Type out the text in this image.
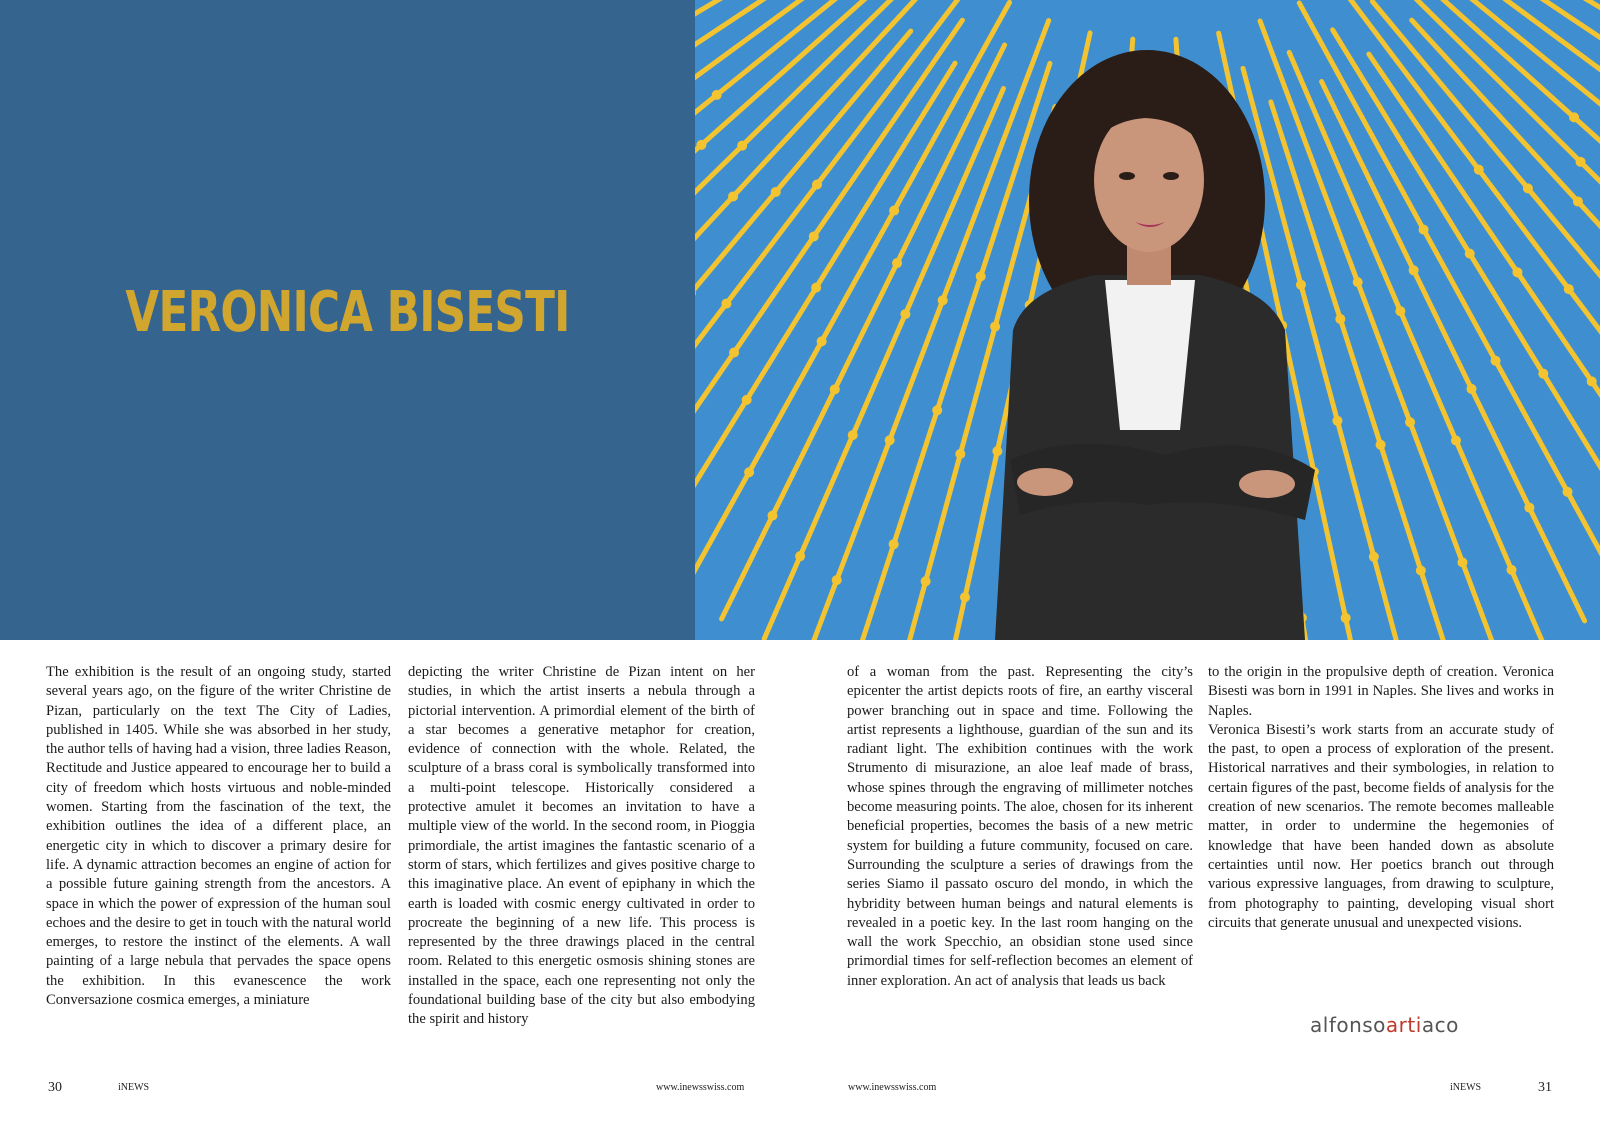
VERONICA BISESTI

The exhibition is the result of an ongoing study, started several years ago, on the figure of the writer Christine de Pizan, particularly on the text The City of Ladies, published in 1405. While she was absorbed in her study, the author tells of having had a vision, three ladies Reason, Rectitude and Justice appeared to encourage her to build a city of freedom which hosts virtuous and noble-minded women. Starting from the fascination of the text, the exhibition outlines the idea of a different place, an energetic city in which to discover a primary desire for life. A dynamic attraction becomes an engine of action for a possible future gaining strength from the ancestors. A space in which the power of expression of the human soul echoes and the desire to get in touch with the natural world emerges, to restore the instinct of the elements. A wall painting of a large nebula that pervades the space opens the exhibition. In this evanescence the work Conversazione cosmica emerges, a miniature

depicting the writer Christine de Pizan intent on her studies, in which the artist inserts a nebula through a pictorial intervention. A primordial element of the birth of a star becomes a generative metaphor for creation, evidence of connection with the whole. Related, the sculpture of a brass coral is symbolically transformed into a multi-point telescope. Historically considered a protective amulet it becomes an invitation to have a multiple view of the world. In the second room, in Pioggia primordiale, the artist imagines the fantastic scenario of a storm of stars, which fertilizes and gives positive charge to this imaginative place. An event of epiphany in which the earth is loaded with cosmic energy cultivated in order to procreate the beginning of a new life. This process is represented by the three drawings placed in the central room. Related to this energetic osmosis shining stones are installed in the space, each one representing not only the foundational building base of the city but also embodying the spirit and history

of a woman from the past. Representing the city’s epicenter the artist depicts roots of fire, an earthy visceral power branching out in space and time. Following the artist represents a lighthouse, guardian of the sun and its radiant light. The exhibition continues with the work Strumento di misurazione, an aloe leaf made of brass, whose spines through the engraving of millimeter notches become measuring points. The aloe, chosen for its inherent beneficial properties, becomes the basis of a new metric system for building a future community, focused on care. Surrounding the sculpture a series of drawings from the series Siamo il passato oscuro del mondo, in which the hybridity between human beings and natural elements is revealed in a poetic key. In the last room hanging on the wall the work Specchio, an obsidian stone used since primordial times for self-reflection becomes an element of inner exploration. An act of analysis that leads us back

to the origin in the propulsive depth of creation. Veronica Bisesti was born in 1991 in Naples. She lives and works in Naples.

Veronica Bisesti’s work starts from an accurate study of the past, to open a process of exploration of the present. Historical narratives and their symbologies, in relation to certain figures of the past, become fields of analysis for the creation of new scenarios. The remote becomes malleable matter, in order to undermine the hegemonies of knowledge that have been handed down as absolute certainties until now. Her poetics branch out through various expressive languages, from drawing to sculpture, from photography to painting, developing visual short circuits that generate unusual and unexpected visions.

alfonsoartiaco
30	iNEWS	www.inewsswiss.com	www.inewsswiss.com	iNEWS	31
